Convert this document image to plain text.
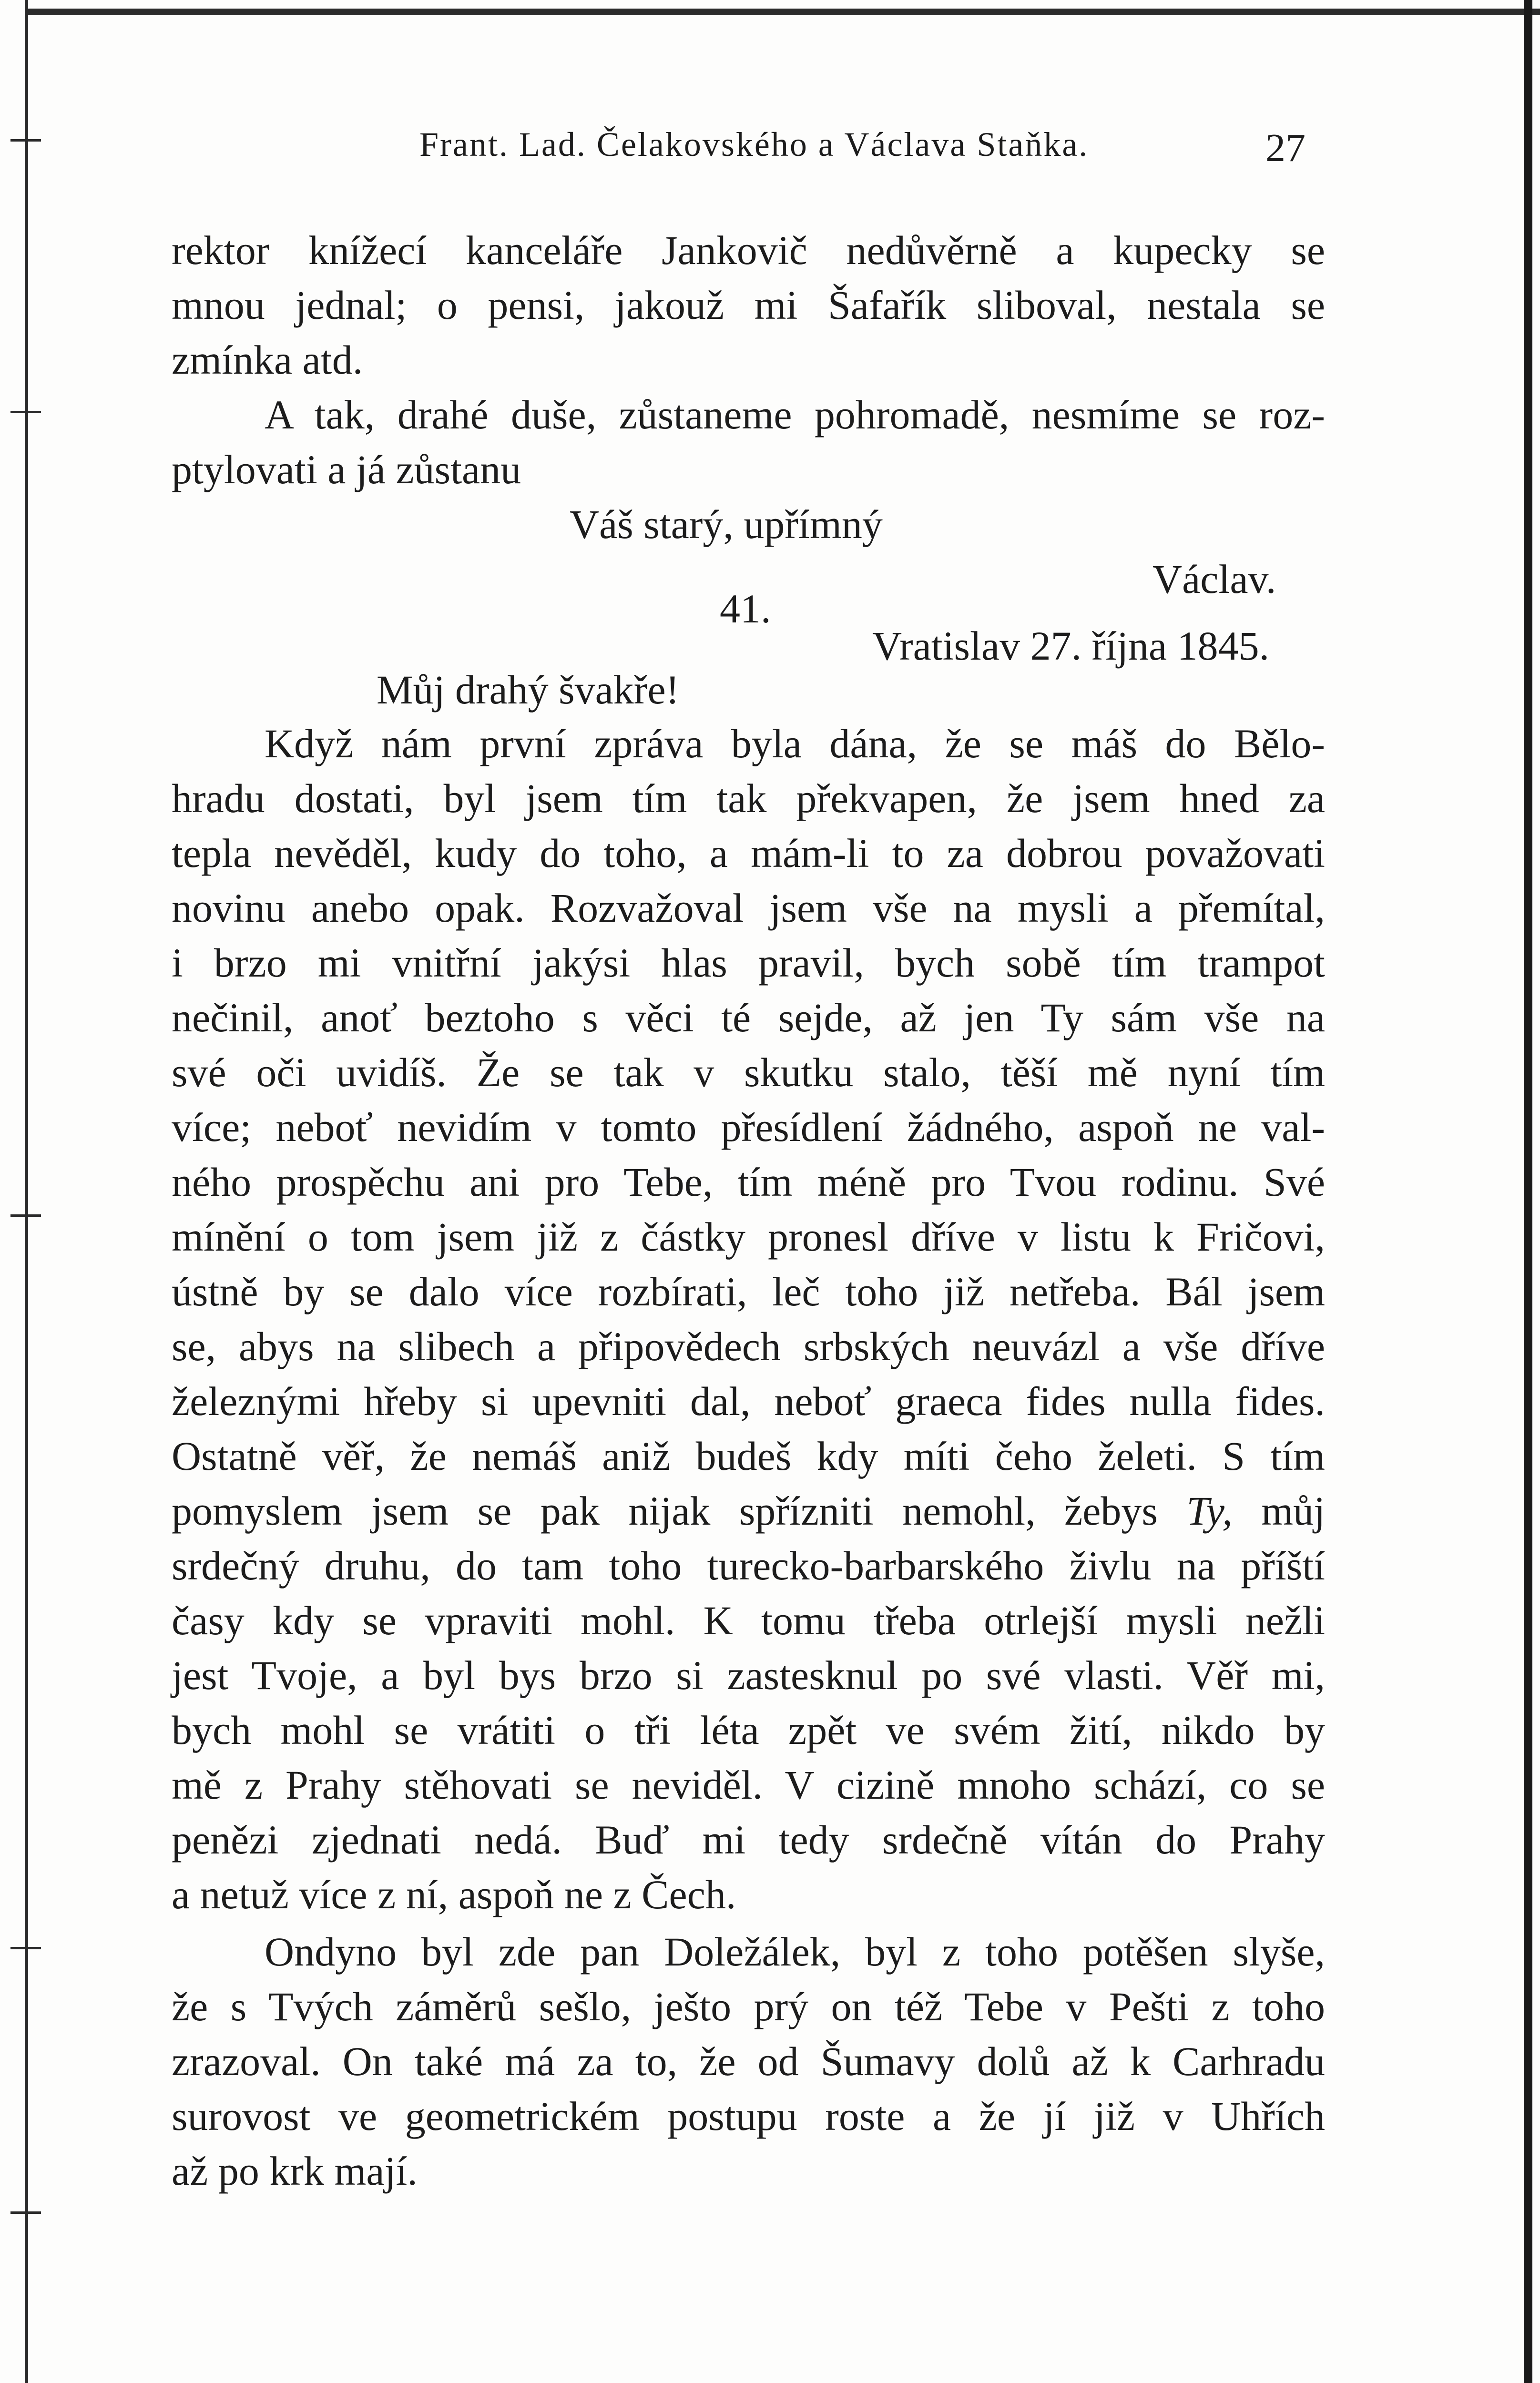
Frant. Lad. Čelakovského a Václava Staňka.	27
rektor knížecí kanceláře Jankovič nedůvěrně a kupecky se
mnou jednal; o pensi, jakouž mi Šafařík sliboval, nestala se
zmínka atd.
A tak, drahé duše, zůstaneme pohromadě, nesmíme se roz-
ptylovati a já zůstanu
Váš starý, upřímný
Václav.
41.
Vratislav 27. října 1845.
Můj drahý švakře!
Když nám první zpráva byla dána, že se máš do Bělo-
hradu dostati, byl jsem tím tak překvapen, že jsem hned za
tepla nevěděl, kudy do toho, a mám-li to za dobrou považovati
novinu anebo opak. Rozvažoval jsem vše na mysli a přemítal,
i brzo mi vnitřní jakýsi hlas pravil, bych sobě tím trampot
nečinil, anoť beztoho s věci té sejde, až jen Ty sám vše na
své oči uvidíš. Že se tak v skutku stalo, těší mě nyní tím
více; neboť nevidím v tomto přesídlení žádného, aspoň ne val-
ného prospěchu ani pro Tebe, tím méně pro Tvou rodinu. Své
mínění o tom jsem již z částky pronesl dříve v listu k Fričovi,
ústně by se dalo více rozbírati, leč toho již netřeba. Bál jsem
se, abys na slibech a připovědech srbských neuvázl a vše dříve
železnými hřeby si upevniti dal, neboť graeca fides nulla fides.
Ostatně věř, že nemáš aniž budeš kdy míti čeho želeti. S tím
pomyslem jsem se pak nijak spřízniti nemohl, žebys Ty, můj
srdečný druhu, do tam toho turecko-barbarského živlu na příští
časy kdy se vpraviti mohl. K tomu třeba otrlejší mysli nežli
jest Tvoje, a byl bys brzo si zastesknul po své vlasti. Věř mi,
bych mohl se vrátiti o tři léta zpět ve svém žití, nikdo by
mě z Prahy stěhovati se neviděl. V cizině mnoho schází, co se
penězi zjednati nedá. Buď mi tedy srdečně vítán do Prahy
a netuž více z ní, aspoň ne z Čech.
Ondyno byl zde pan Doležálek, byl z toho potěšen slyše,
že s Tvých záměrů sešlo, ješto prý on též Tebe v Pešti z toho
zrazoval. On také má za to, že od Šumavy dolů až k Carhradu
surovost ve geometrickém postupu roste a že jí již v Uhřích
až po krk mají.
